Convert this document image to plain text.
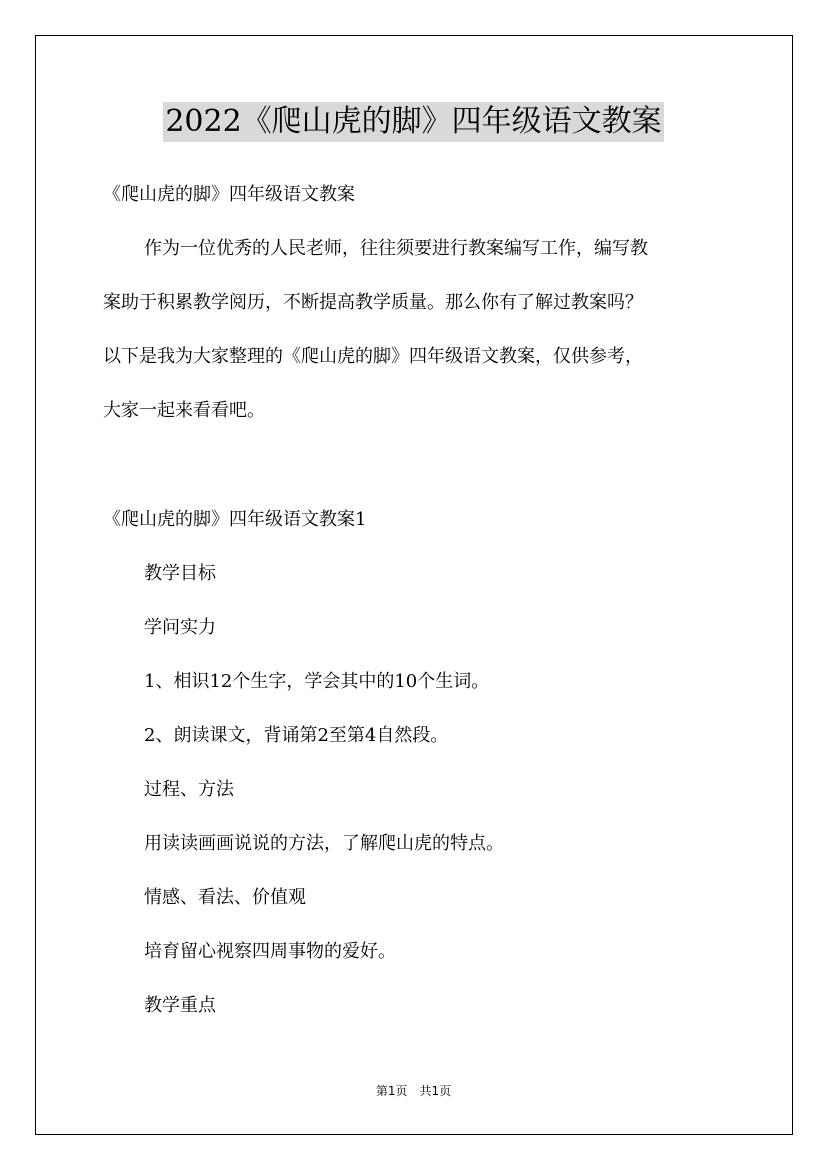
2022《爬山虎的脚》四年级语文教案
《爬山虎的脚》四年级语文教案
作为一位优秀的人民老师，往往须要进行教案编写工作，编写教
案助于积累教学阅历，不断提高教学质量。那么你有了解过教案吗？
以下是我为大家整理的《爬山虎的脚》四年级语文教案，仅供参考，
大家一起来看看吧。
《爬山虎的脚》四年级语文教案1
教学目标
学问实力
1、相识12个生字，学会其中的10个生词。
2、朗读课文，背诵第2至第4自然段。
过程、方法
用读读画画说说的方法，了解爬山虎的特点。
情感、看法、价值观
培育留心视察四周事物的爱好。
教学重点
第1页 共1页
